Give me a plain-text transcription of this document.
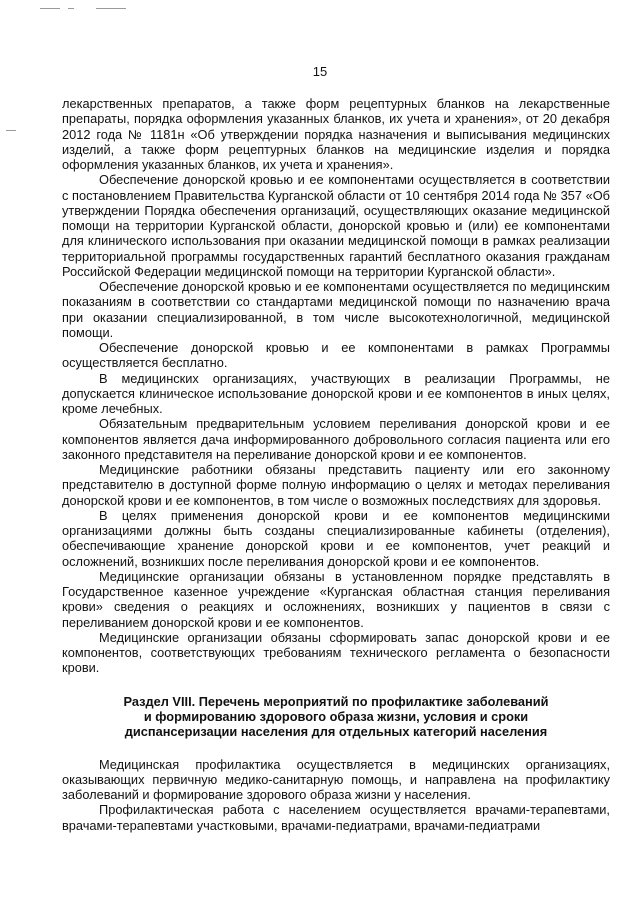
15

лекарственных препаратов, а также форм рецептурных бланков на лекарственные препараты, порядка оформления указанных бланков, их учета и хранения», от 20 декабря 2012 года № 1181н «Об утверждении порядка назначения и выписывания медицинских изделий, а также форм рецептурных бланков на медицинские изделия и порядка оформления указанных бланков, их учета и хранения».

Обеспечение донорской кровью и ее компонентами осуществляется в соответствии с постановлением Правительства Курганской области от 10 сентября 2014 года № 357 «Об утверждении Порядка обеспечения организаций, осуществляющих оказание медицинской помощи на территории Курганской области, донорской кровью и (или) ее компонентами для клинического использования при оказании медицинской помощи в рамках реализации территориальной программы государственных гарантий бесплатного оказания гражданам Российской Федерации медицинской помощи на территории Курганской области».

Обеспечение донорской кровью и ее компонентами осуществляется по медицинским показаниям в соответствии со стандартами медицинской помощи по назначению врача при оказании специализированной, в том числе высокотехнологичной, медицинской помощи.

Обеспечение донорской кровью и ее компонентами в рамках Программы осуществляется бесплатно.

В медицинских организациях, участвующих в реализации Программы, не допускается клиническое использование донорской крови и ее компонентов в иных целях, кроме лечебных.

Обязательным предварительным условием переливания донорской крови и ее компонентов является дача информированного добровольного согласия пациента или его законного представителя на переливание донорской крови и ее компонентов.

Медицинские работники обязаны представить пациенту или его законному представителю в доступной форме полную информацию о целях и методах переливания донорской крови и ее компонентов, в том числе о возможных последствиях для здоровья.

В целях применения донорской крови и ее компонентов медицинскими организациями должны быть созданы специализированные кабинеты (отделения), обеспечивающие хранение донорской крови и ее компонентов, учет реакций и осложнений, возникших после переливания донорской крови и ее компонентов.

Медицинские организации обязаны в установленном порядке представлять в Государственное казенное учреждение «Курганская областная станция переливания крови» сведения о реакциях и осложнениях, возникших у пациентов в связи с переливанием донорской крови и ее компонентов.

Медицинские организации обязаны сформировать запас донорской крови и ее компонентов, соответствующих требованиям технического регламента о безопасности крови.

Раздел VIII. Перечень мероприятий по профилактике заболеваний
и формированию здорового образа жизни, условия и сроки
диспансеризации населения для отдельных категорий населения

Медицинская профилактика осуществляется в медицинских организациях, оказывающих первичную медико-санитарную помощь, и направлена на профилактику заболеваний и формирование здорового образа жизни у населения.

Профилактическая работа с населением осуществляется врачами-терапевтами, врачами-терапевтами участковыми, врачами-педиатрами, врачами-педиатрами
